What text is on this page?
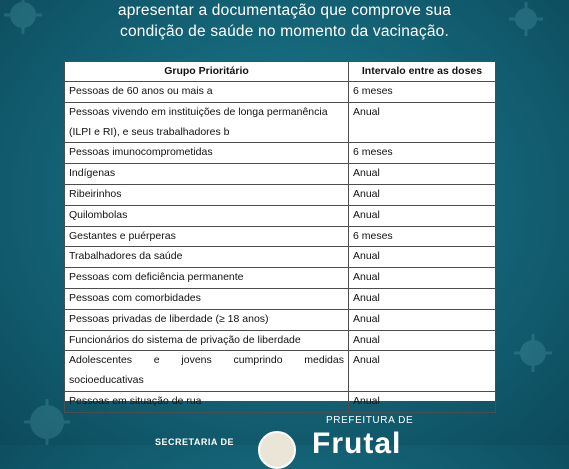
apresentar a documentação que comprove sua
condição de saúde no momento da vacinação.
Grupo Prioritário	Intervalo entre as doses
Pessoas de 60 anos ou mais a	6 meses
Pessoas vivendo em instituições de longa permanência (ILPI e RI), e seus trabalhadores b	Anual
Pessoas imunocomprometidas	6 meses
Indígenas	Anual
Ribeirinhos	Anual
Quilombolas	Anual
Gestantes e puérperas	6 meses
Trabalhadores da saúde	Anual
Pessoas com deficiência permanente	Anual
Pessoas com comorbidades	Anual
Pessoas privadas de liberdade (≥ 18 anos)	Anual
Funcionários do sistema de privação de liberdade	Anual
Adolescentes e jovens cumprindo medidas socioeducativas	Anual
Pessoas em situação de rua	Anual
PREFEITURA DE
SECRETARIA DE	Frutal
